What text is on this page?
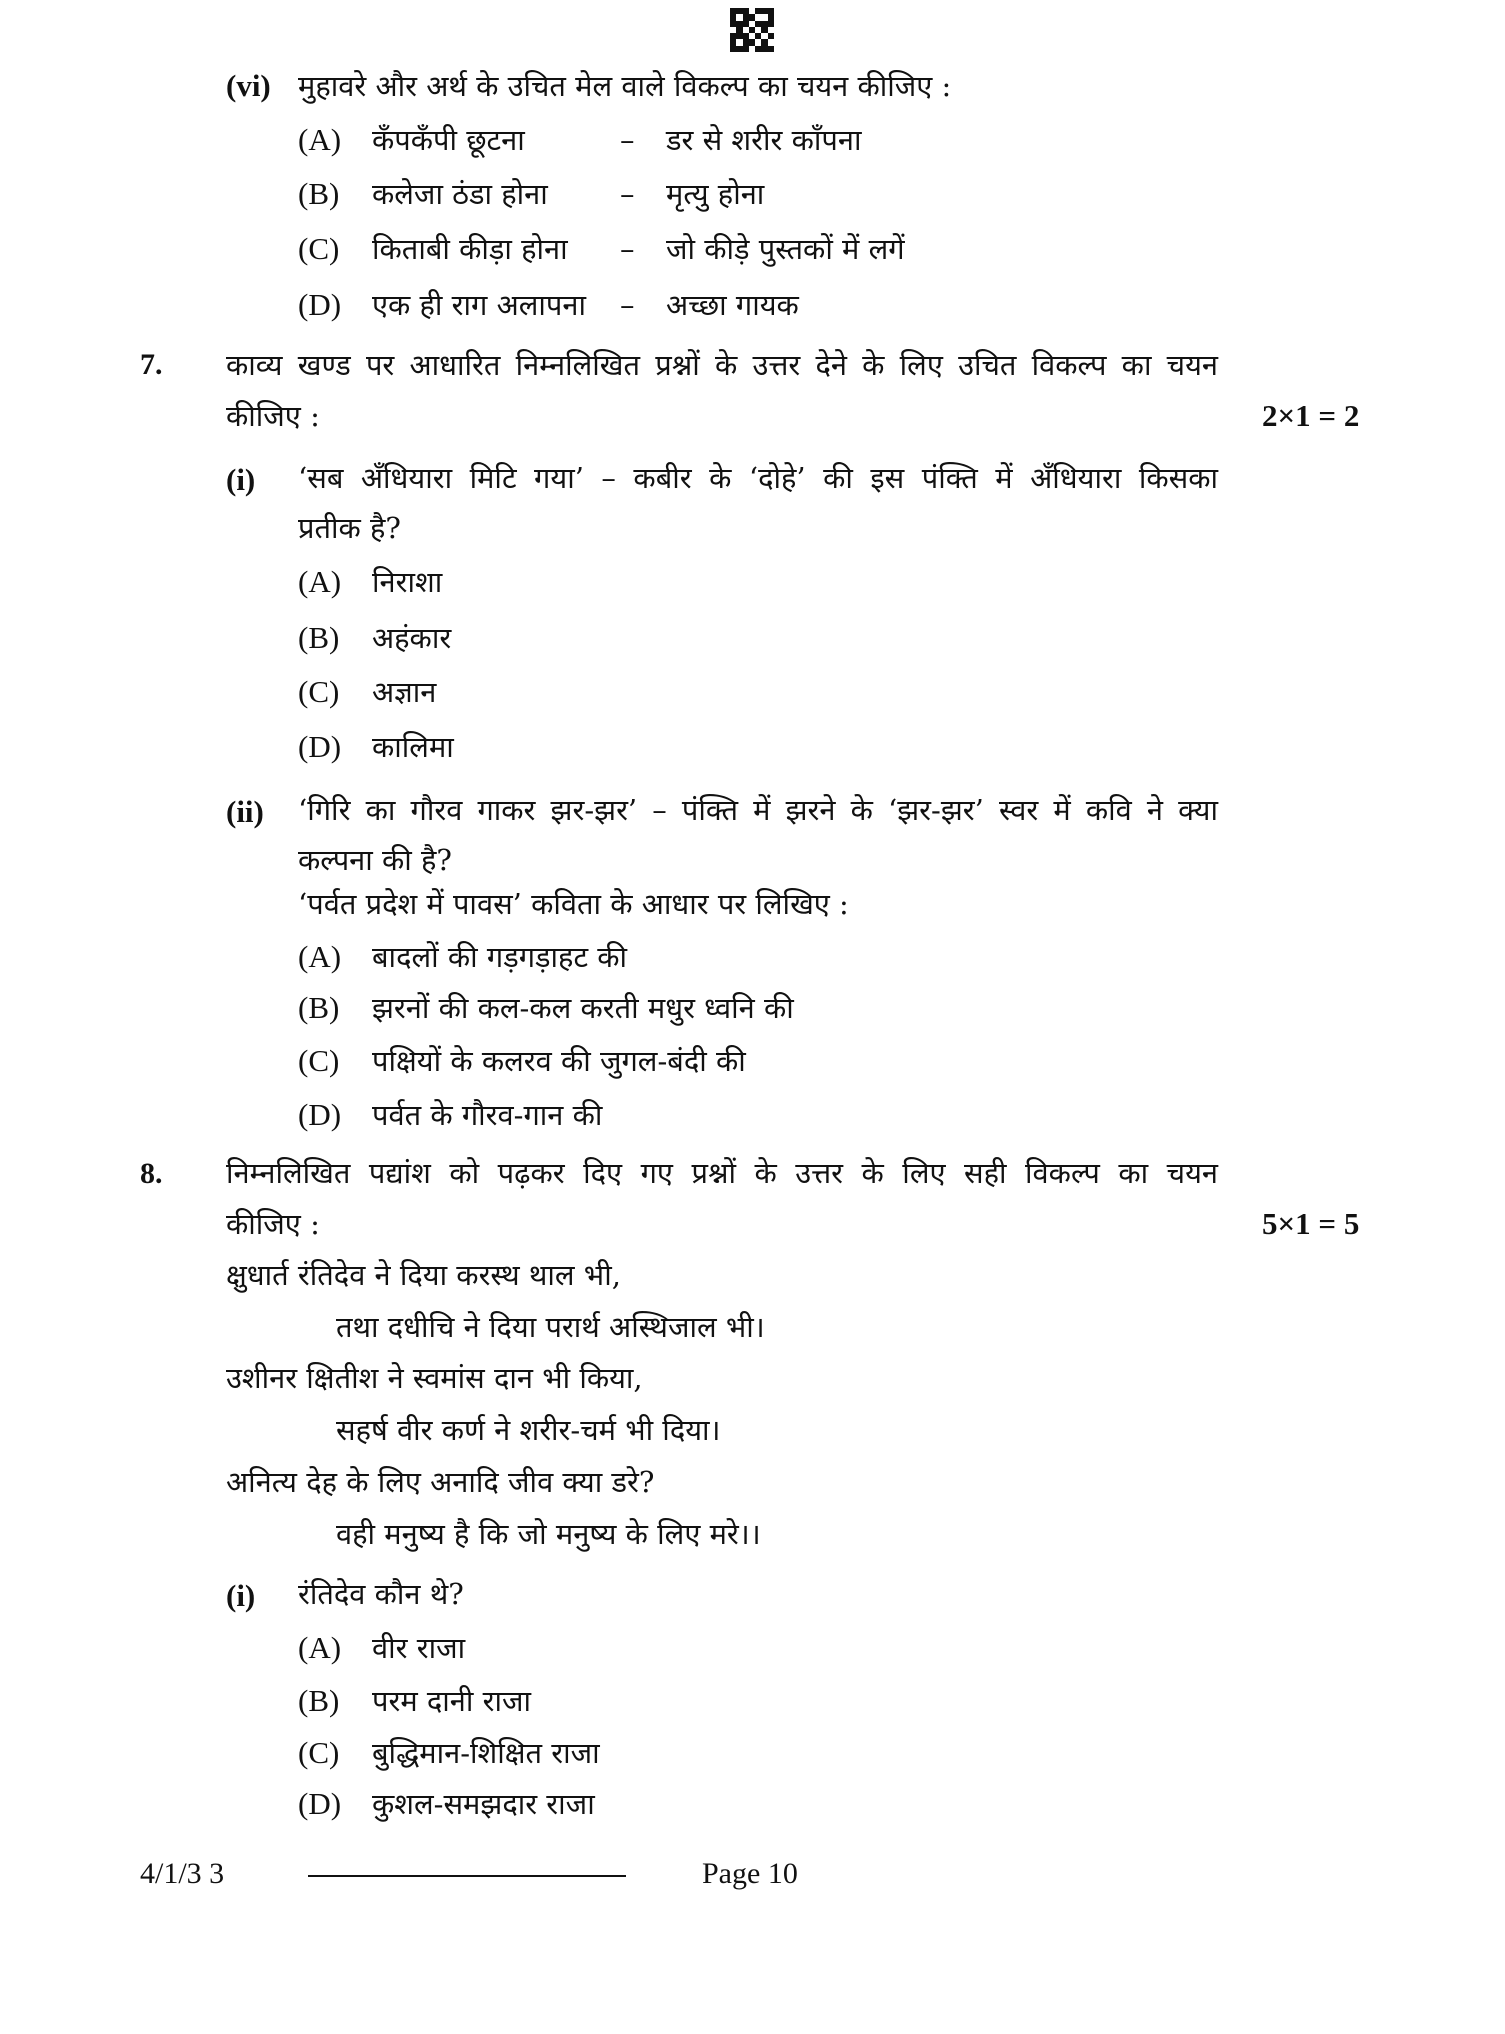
(vi) मुहावरे और अर्थ के उचित मेल वाले विकल्प का चयन कीजिए :
(A) कँपकँपी छूटना	– डर से शरीर काँपना
(B) कलेजा ठंडा होना – मृत्यु होना
(C) किताबी कीड़ा होना – जो कीड़े पुस्तकों में लगें
(D) एक ही राग अलापना – अच्छा गायक
7. काव्य खण्ड पर आधारित निम्नलिखित प्रश्नों के उत्तर देने के लिए उचित विकल्प का चयन
कीजिए :	2×1 = 2
(i) ‘सब अँधियारा मिटि गया’ – कबीर के ‘दोहे’ की इस पंक्ति में अँधियारा किसका
प्रतीक है?
(A) निराशा
(B) अहंकार
(C) अज्ञान
(D) कालिमा
(ii) ‘गिरि का गौरव गाकर झर-झर’ – पंक्ति में झरने के ‘झर-झर’ स्वर में कवि ने क्या
कल्पना की है?
‘पर्वत प्रदेश में पावस’ कविता के आधार पर लिखिए :
(A) बादलों की गड़गड़ाहट की
(B) झरनों की कल-कल करती मधुर ध्वनि की
(C) पक्षियों के कलरव की जुगल-बंदी की
(D) पर्वत के गौरव-गान की
8. निम्नलिखित पद्यांश को पढ़कर दिए गए प्रश्नों के उत्तर के लिए सही विकल्प का चयन
कीजिए :	5×1 = 5
क्षुधार्त रंतिदेव ने दिया करस्थ थाल भी,
तथा दधीचि ने दिया परार्थ अस्थिजाल भी।
उशीनर क्षितीश ने स्वमांस दान भी किया,
सहर्ष वीर कर्ण ने शरीर-चर्म भी दिया।
अनित्य देह के लिए अनादि जीव क्या डरे?
वही मनुष्य है कि जो मनुष्य के लिए मरे।।
(i) रंतिदेव कौन थे?
(A) वीर राजा
(B) परम दानी राजा
(C) बुद्धिमान-शिक्षित राजा
(D) कुशल-समझदार राजा
4/1/3 3	Page 10
